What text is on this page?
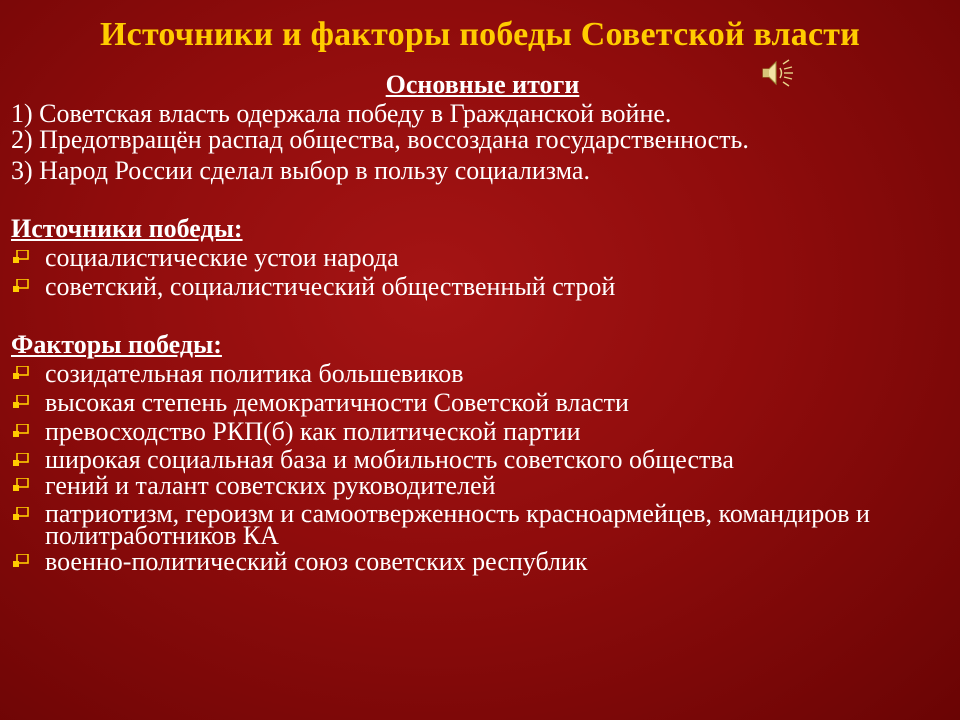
Источники и факторы победы Советской власти
Основные итоги

1) Советская власть одержала победу в Гражданской войне.

2) Предотвращён распад общества, воссоздана государственность.

3) Народ России сделал выбор в пользу социализма.

Источники победы:
социалистические устои народа
советский, социалистический общественный строй
Факторы победы:
созидательная политика большевиков
высокая степень демократичности Советской власти
превосходство РКП(б) как политической партии
широкая социальная база и мобильность советского общества
гений и талант советских руководителей
патриотизм, героизм и самоотверженность красноармейцев, командиров и политработников КА
военно-политический союз советских республик
